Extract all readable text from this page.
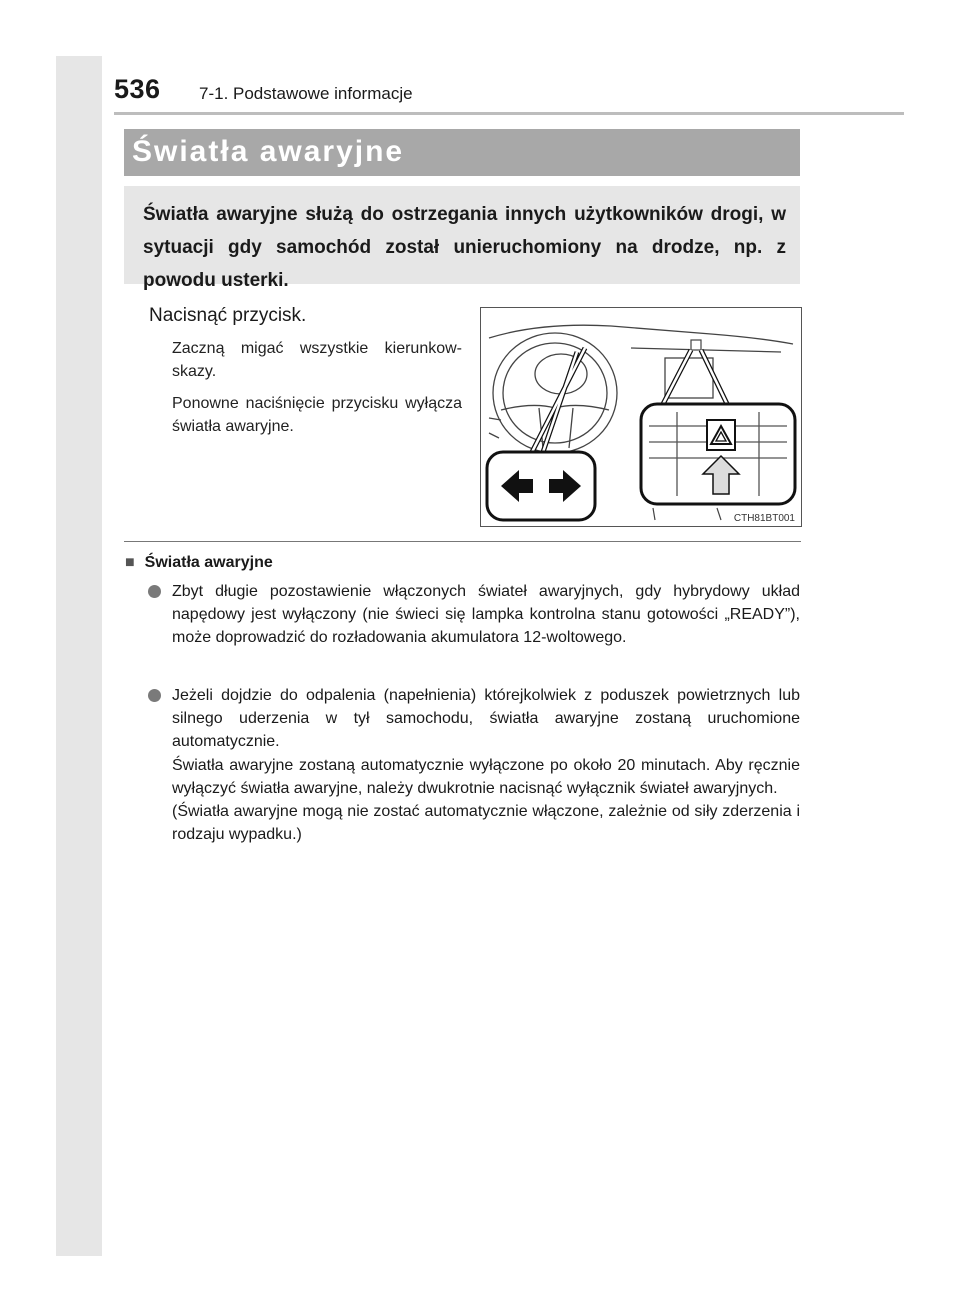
536 7-1. Podstawowe informacje
Światła awaryjne
Światła awaryjne służą do ostrzegania innych użytkowników drogi, w sytuacji gdy samochód został unieruchomiony na drodze, np. z powodu usterki.
Nacisnąć przycisk.
Zaczną migać wszystkie kierunkow-skazy.
Ponowne naciśnięcie przycisku wyłącza światła awaryjne.
CTH81BT001
■ Światła awaryjne
Zbyt długie pozostawienie włączonych świateł awaryjnych, gdy hybrydowy układ napędowy jest wyłączony (nie świeci się lampka kontrolna stanu gotowości „READY”), może doprowadzić do rozładowania akumulatora 12-woltowego.
Jeżeli dojdzie do odpalenia (napełnienia) którejkolwiek z poduszek powietrznych lub silnego uderzenia w tył samochodu, światła awaryjne zostaną uruchomione automatycznie.
Światła awaryjne zostaną automatycznie wyłączone po około 20 minutach. Aby ręcznie wyłączyć światła awaryjne, należy dwukrotnie nacisnąć wyłącznik świateł awaryjnych.
(Światła awaryjne mogą nie zostać automatycznie włączone, zależnie od siły zderzenia i rodzaju wypadku.)
